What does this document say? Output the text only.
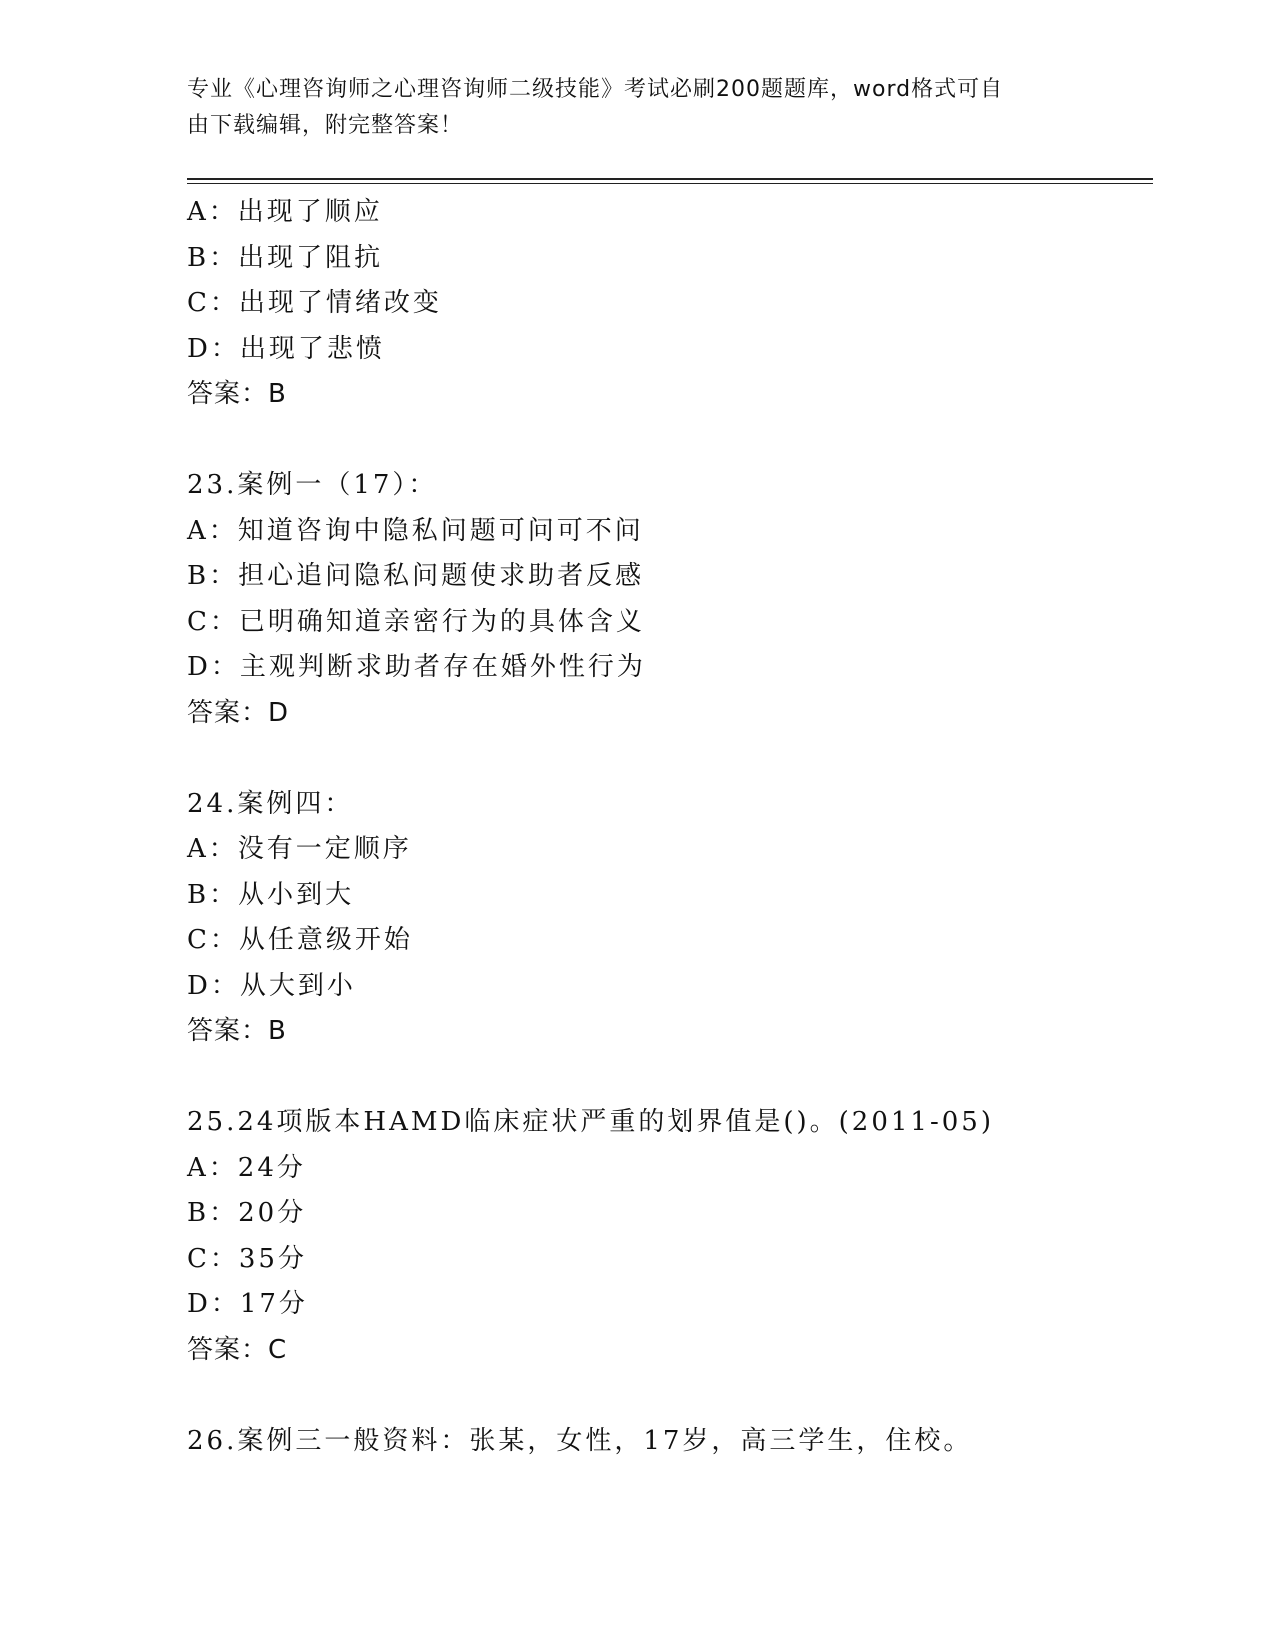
专业《心理咨询师之心理咨询师二级技能》考试必刷200题题库，word格式可自
由下载编辑，附完整答案！
A：出现了顺应
B：出现了阻抗
C：出现了情绪改变
D：出现了悲愤
答案：B
23.案例一（17）：
A：知道咨询中隐私问题可问可不问
B：担心追问隐私问题使求助者反感
C：已明确知道亲密行为的具体含义
D：主观判断求助者存在婚外性行为
答案：D
24.案例四：
A：没有一定顺序
B：从小到大
C：从任意级开始
D：从大到小
答案：B
25.24项版本HAMD临床症状严重的划界值是()。(2011-05)
A：24分
B：20分
C：35分
D：17分
答案：C
26.案例三一般资料：张某，女性，17岁，高三学生，住校。
